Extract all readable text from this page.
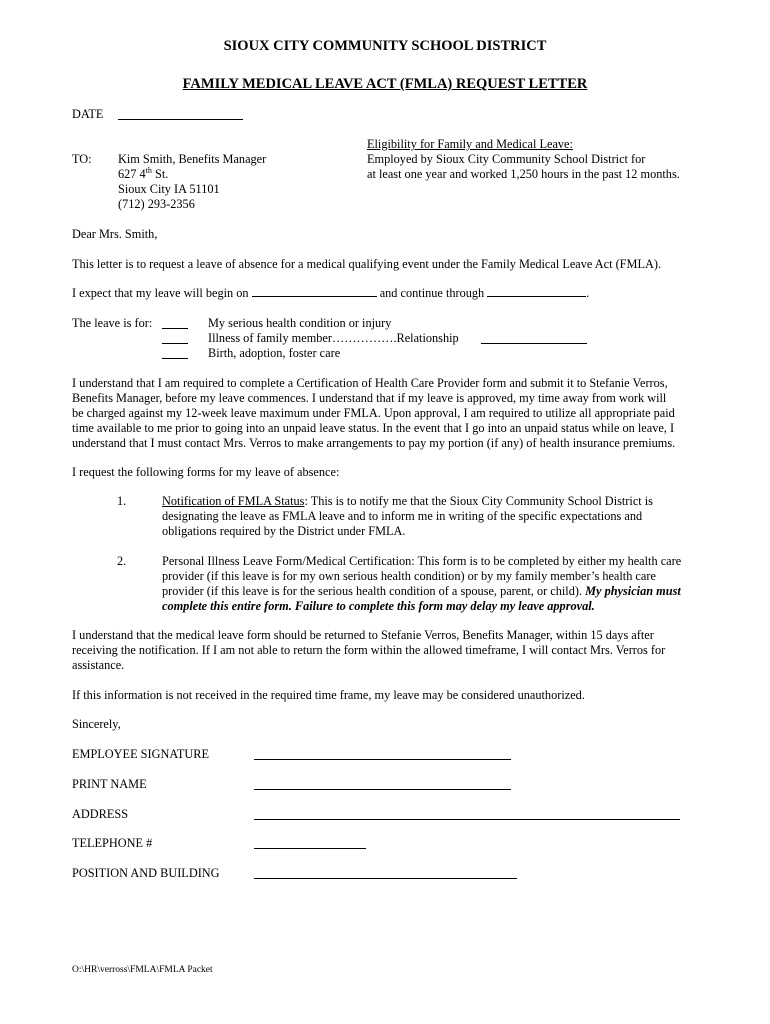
SIOUX CITY COMMUNITY SCHOOL DISTRICT
FAMILY MEDICAL LEAVE ACT (FMLA) REQUEST LETTER
DATE
Eligibility for Family and Medical Leave:
Employed by Sioux City Community School District for
at least one year and worked 1,250 hours in the past 12 months.
TO: Kim Smith, Benefits Manager
627 4th St.
Sioux City IA 51101
(712) 293-2356
Dear Mrs. Smith,
This letter is to request a leave of absence for a medical qualifying event under the Family Medical Leave Act (FMLA).
I expect that my leave will begin on	and continue through	.
The leave is for:	My serious health condition or injury
Illness of family member…………….Relationship
Birth, adoption, foster care
I understand that I am required to complete a Certification of Health Care Provider form and submit it to Stefanie Verros,
Benefits Manager, before my leave commences. I understand that if my leave is approved, my time away from work will
be charged against my 12-week leave maximum under FMLA. Upon approval, I am required to utilize all appropriate paid
time available to me prior to going into an unpaid leave status. In the event that I go into an unpaid status while on leave, I
understand that I must contact Mrs. Verros to make arrangements to pay my portion (if any) of health insurance premiums.
I request the following forms for my leave of absence:
1.	Notification of FMLA Status: This is to notify me that the Sioux City Community School District is
designating the leave as FMLA leave and to inform me in writing of the specific expectations and
obligations required by the District under FMLA.
2.	Personal Illness Leave Form/Medical Certification: This form is to be completed by either my health care
provider (if this leave is for my own serious health condition) or by my family member’s health care
provider (if this leave is for the serious health condition of a spouse, parent, or child). My physician must
complete this entire form. Failure to complete this form may delay my leave approval.
I understand that the medical leave form should be returned to Stefanie Verros, Benefits Manager, within 15 days after
receiving the notification. If I am not able to return the form within the allowed timeframe, I will contact Mrs. Verros for
assistance.
If this information is not received in the required time frame, my leave may be considered unauthorized.
Sincerely,
EMPLOYEE SIGNATURE
PRINT NAME
ADDRESS
TELEPHONE #
POSITION AND BUILDING
O:\HR\verross\FMLA\FMLA Packet
